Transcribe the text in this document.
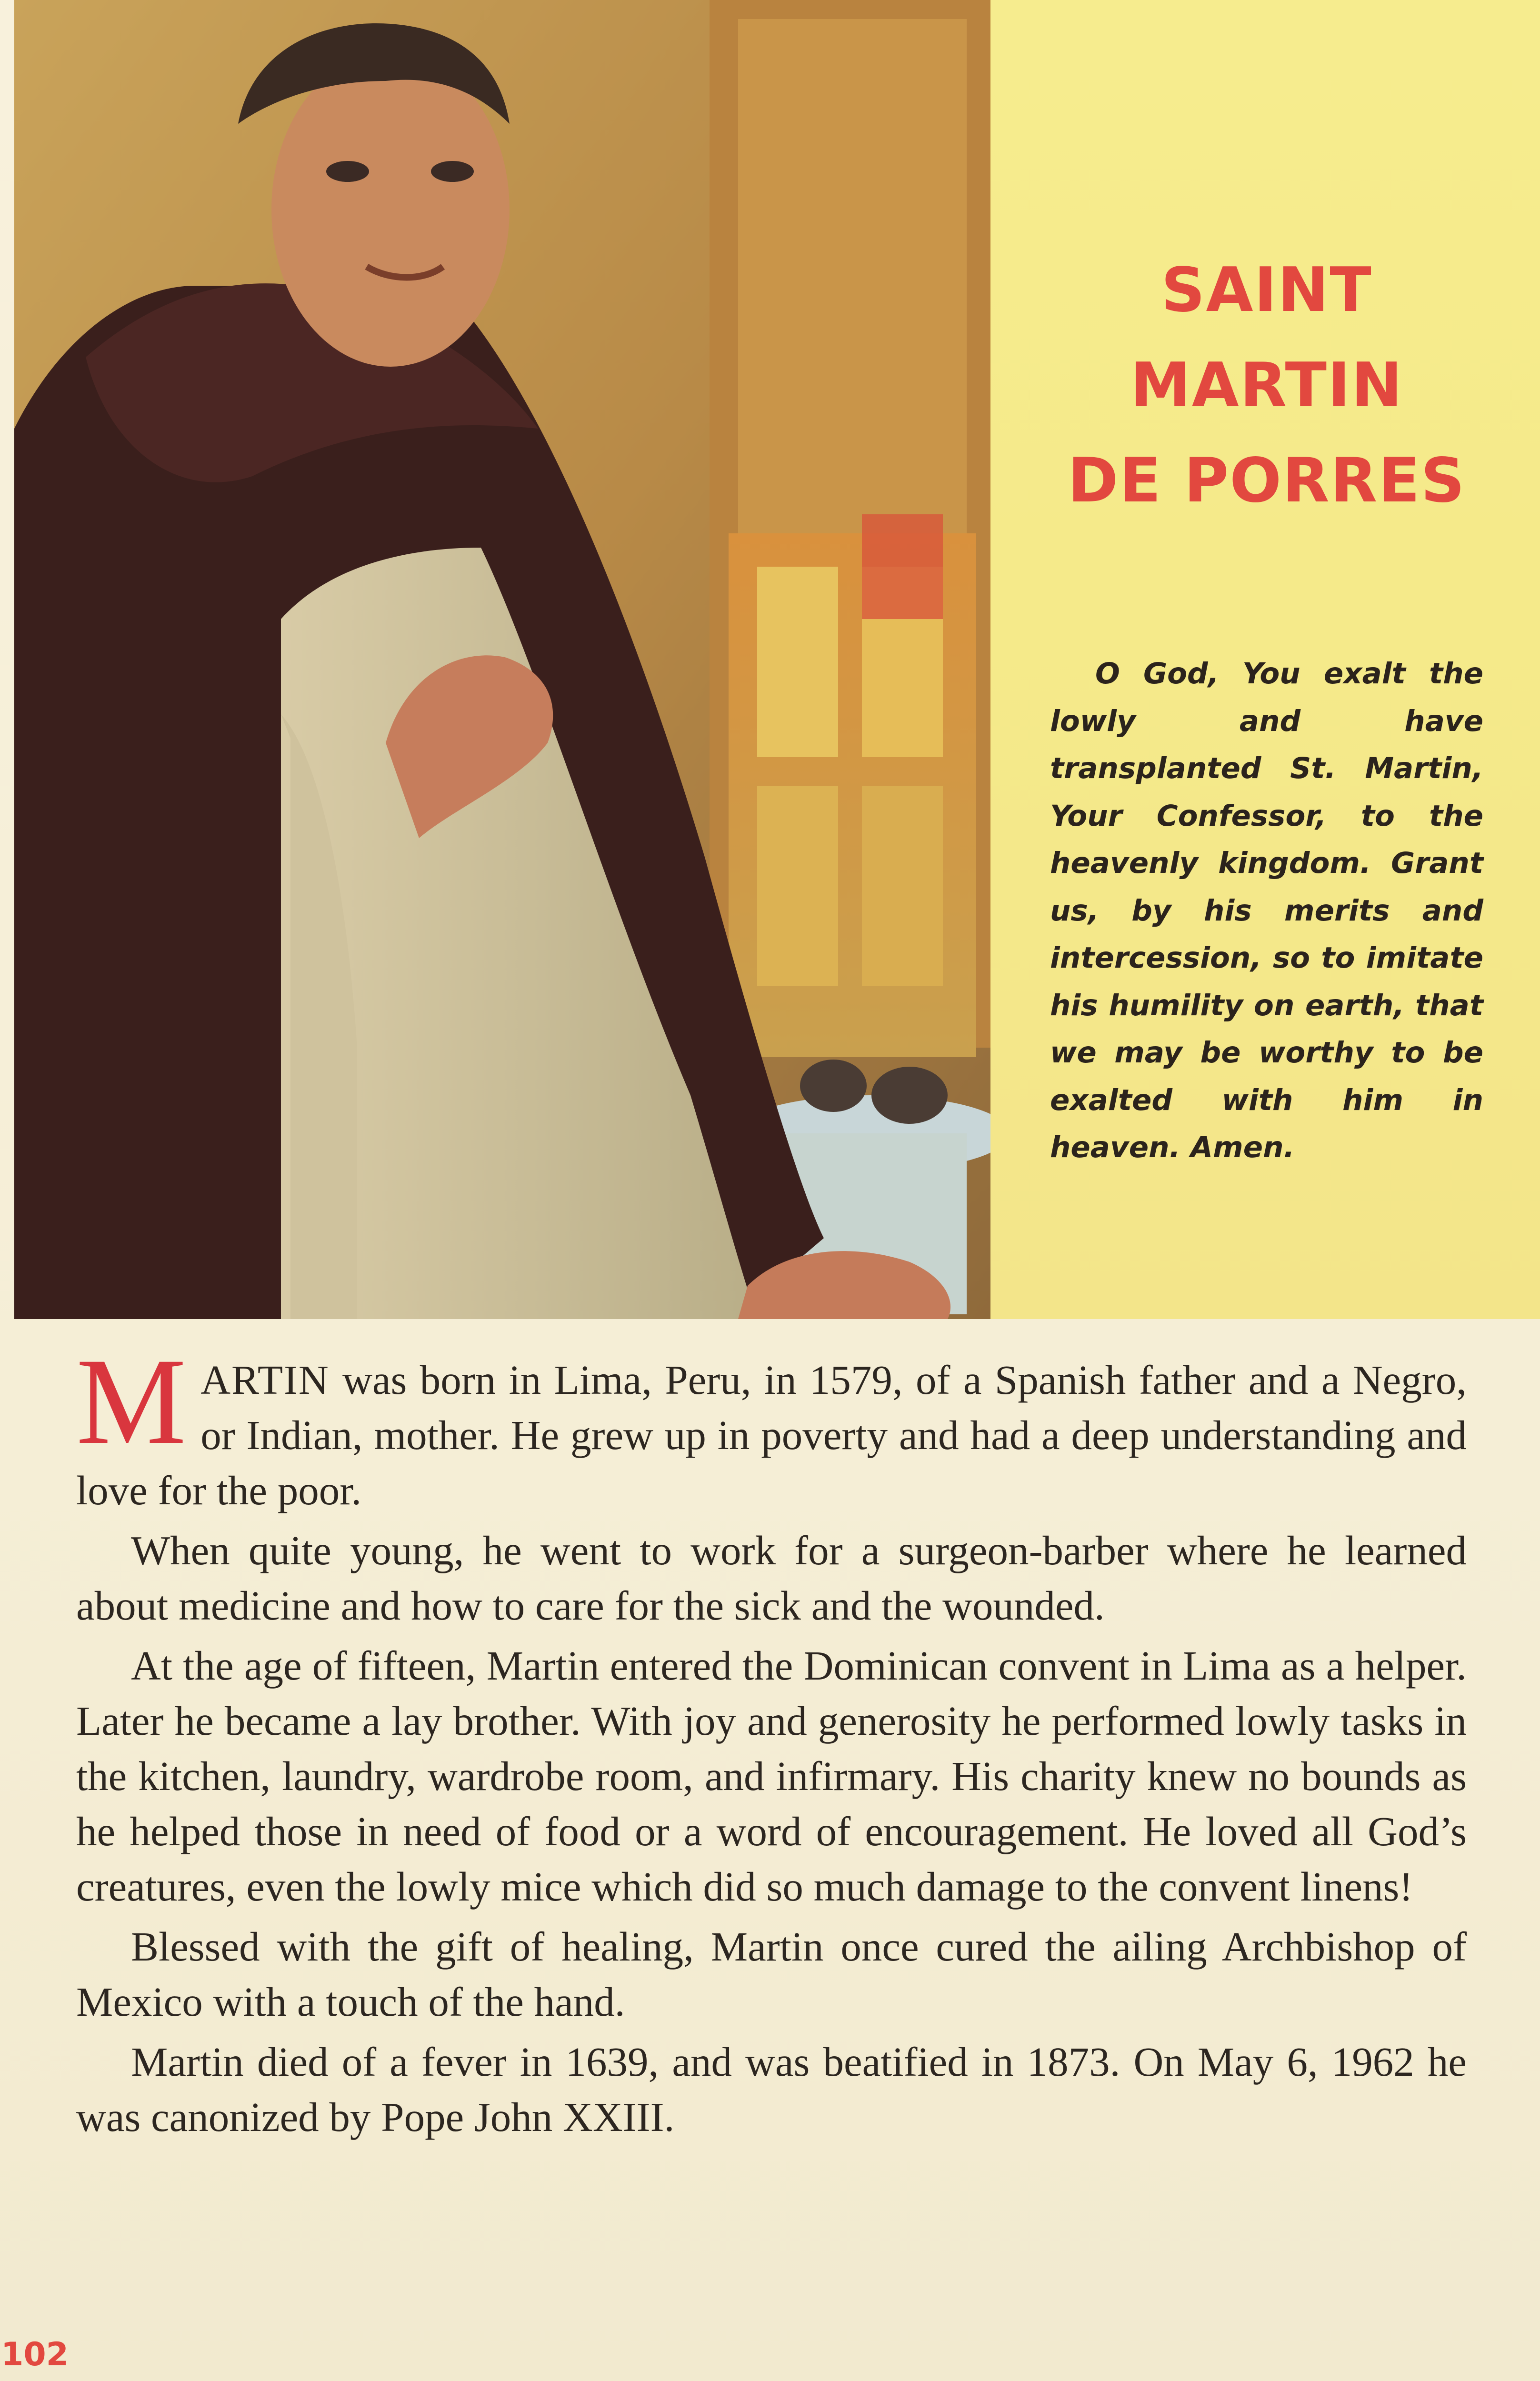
SAINT
MARTIN
DE PORRES

O God, You exalt the lowly and have transplanted St. Martin, Your Confessor, to the heavenly kingdom. Grant us, by his merits and intercession, so to imitate his humility on earth, that we may be worthy to be exalted with him in heaven. Amen.

MARTIN was born in Lima, Peru, in 1579, of a Spanish father and a Negro, or Indian, mother. He grew up in poverty and had a deep understanding and love for the poor.

When quite young, he went to work for a surgeon-barber where he learned about medicine and how to care for the sick and the wounded.

At the age of fifteen, Martin entered the Dominican convent in Lima as a helper. Later he became a lay brother. With joy and generosity he performed lowly tasks in the kitchen, laundry, wardrobe room, and infirmary. His charity knew no bounds as he helped those in need of food or a word of encouragement. He loved all God’s creatures, even the lowly mice which did so much damage to the convent linens!

Blessed with the gift of healing, Martin once cured the ailing Archbishop of Mexico with a touch of the hand.

Martin died of a fever in 1639, and was beatified in 1873. On May 6, 1962 he was canonized by Pope John XXIII.

102
